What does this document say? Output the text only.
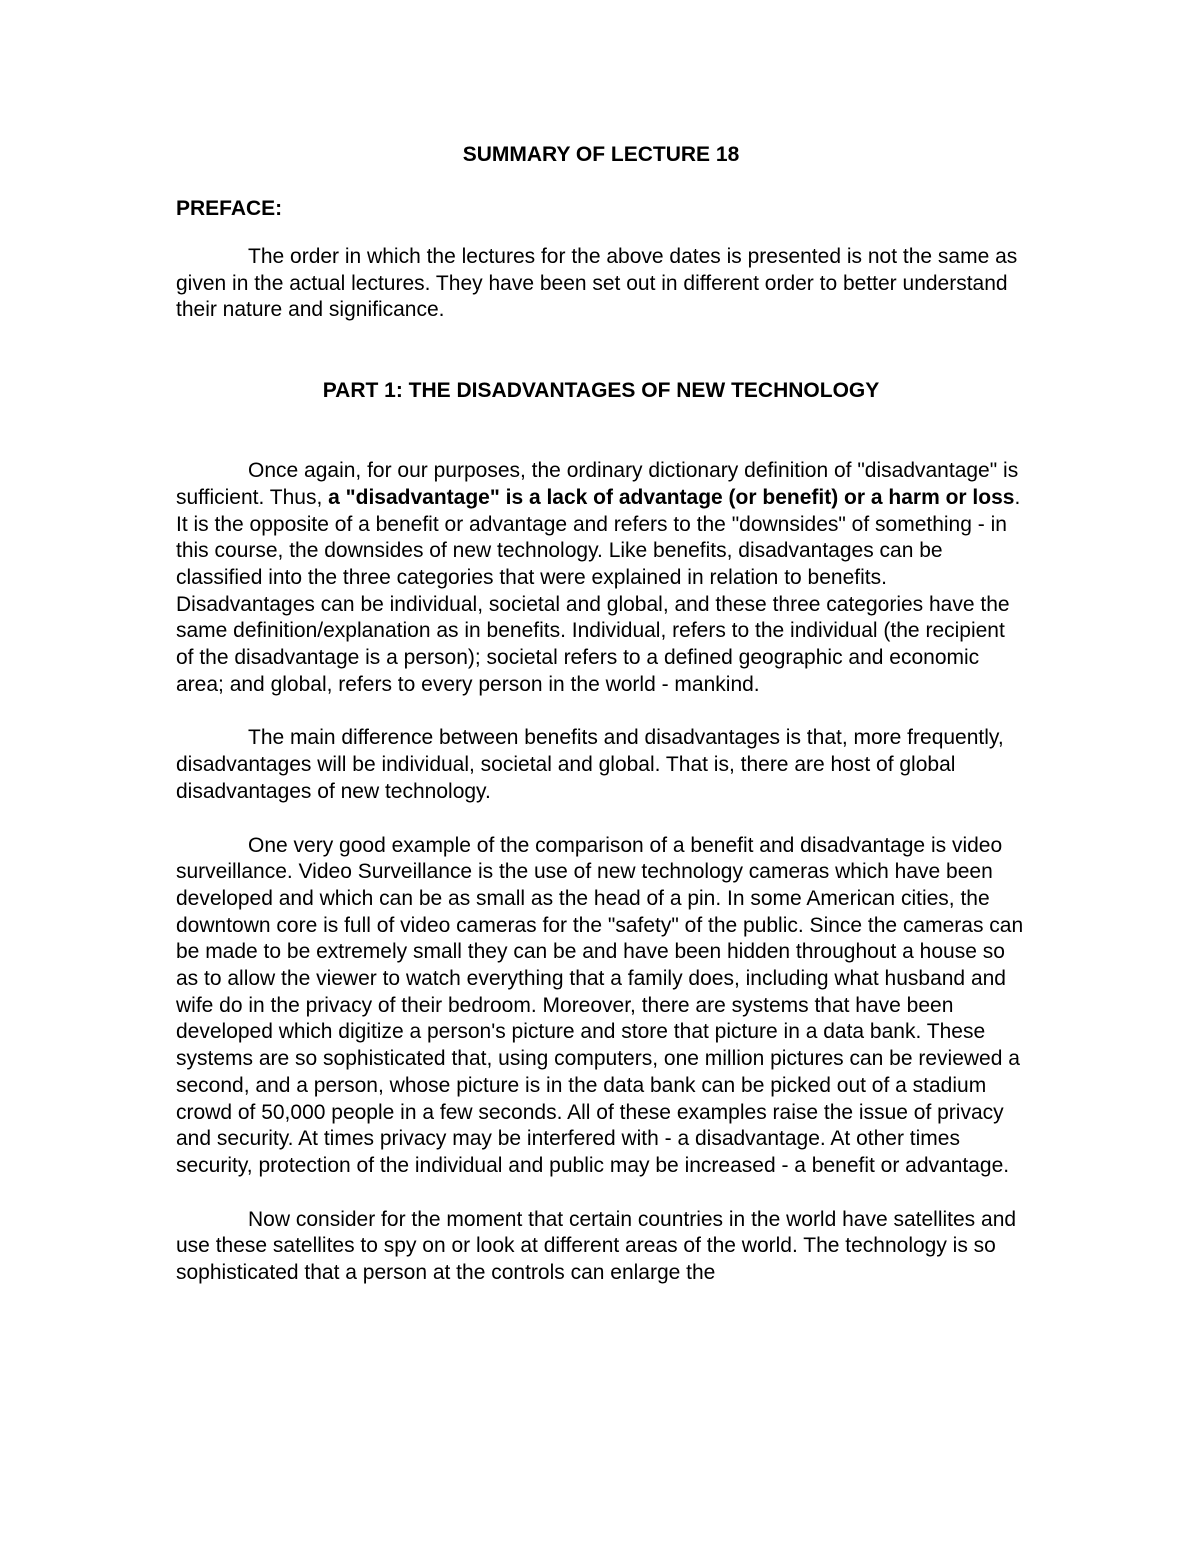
SUMMARY OF LECTURE 18
PREFACE:

The order in which the lectures for the above dates is presented is not the same as given in the actual lectures. They have been set out in different order to better understand their nature and significance.

PART 1: THE DISADVANTAGES OF NEW TECHNOLOGY

Once again, for our purposes, the ordinary dictionary definition of "disadvantage" is sufficient. Thus, a "disadvantage" is a lack of advantage (or benefit) or a harm or loss. It is the opposite of a benefit or advantage and refers to the "downsides" of something - in this course, the downsides of new technology. Like benefits, disadvantages can be classified into the three categories that were explained in relation to benefits. Disadvantages can be individual, societal and global, and these three categories have the same definition/explanation as in benefits. Individual, refers to the individual (the recipient of the disadvantage is a person); societal refers to a defined geographic and economic area; and global, refers to every person in the world - mankind.

The main difference between benefits and disadvantages is that, more frequently, disadvantages will be individual, societal and global. That is, there are host of global disadvantages of new technology.

One very good example of the comparison of a benefit and disadvantage is video surveillance. Video Surveillance is the use of new technology cameras which have been developed and which can be as small as the head of a pin. In some American cities, the downtown core is full of video cameras for the "safety" of the public. Since the cameras can be made to be extremely small they can be and have been hidden throughout a house so as to allow the viewer to watch everything that a family does, including what husband and wife do in the privacy of their bedroom. Moreover, there are systems that have been developed which digitize a person's picture and store that picture in a data bank. These systems are so sophisticated that, using computers, one million pictures can be reviewed a second, and a person, whose picture is in the data bank can be picked out of a stadium crowd of 50,000 people in a few seconds. All of these examples raise the issue of privacy and security. At times privacy may be interfered with - a disadvantage. At other times security, protection of the individual and public may be increased - a benefit or advantage.

Now consider for the moment that certain countries in the world have satellites and use these satellites to spy on or look at different areas of the world. The technology is so sophisticated that a person at the controls can enlarge the
